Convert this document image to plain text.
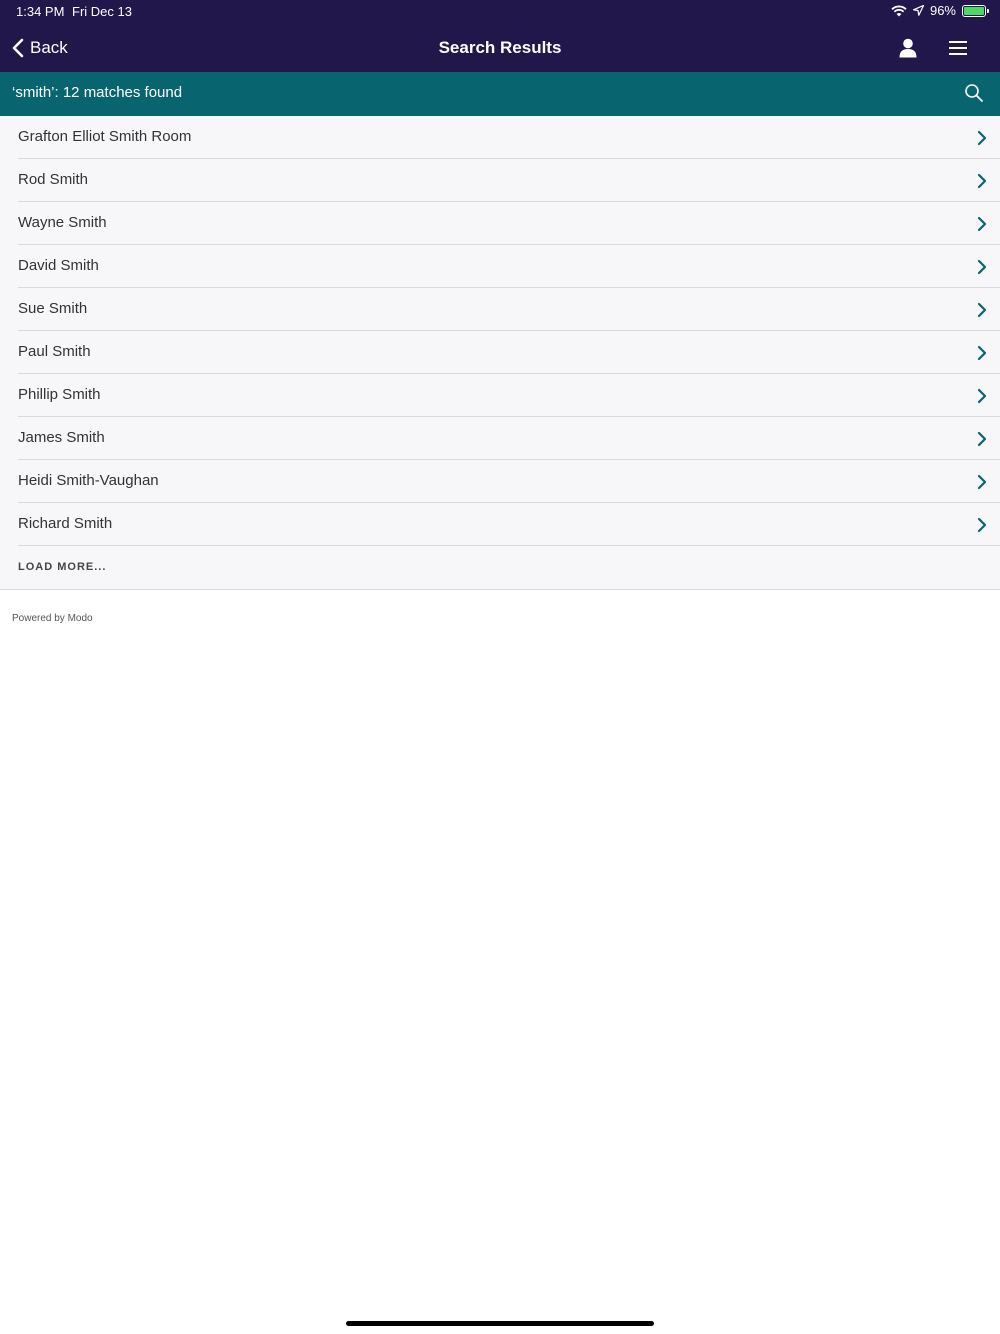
1:34 PM Fri Dec 13	96%
Back	Search Results
‘smith’: 12 matches found
Grafton Elliot Smith Room
Rod Smith
Wayne Smith
David Smith
Sue Smith
Paul Smith
Phillip Smith
James Smith
Heidi Smith-Vaughan
Richard Smith
LOAD MORE...
Powered by Modo
